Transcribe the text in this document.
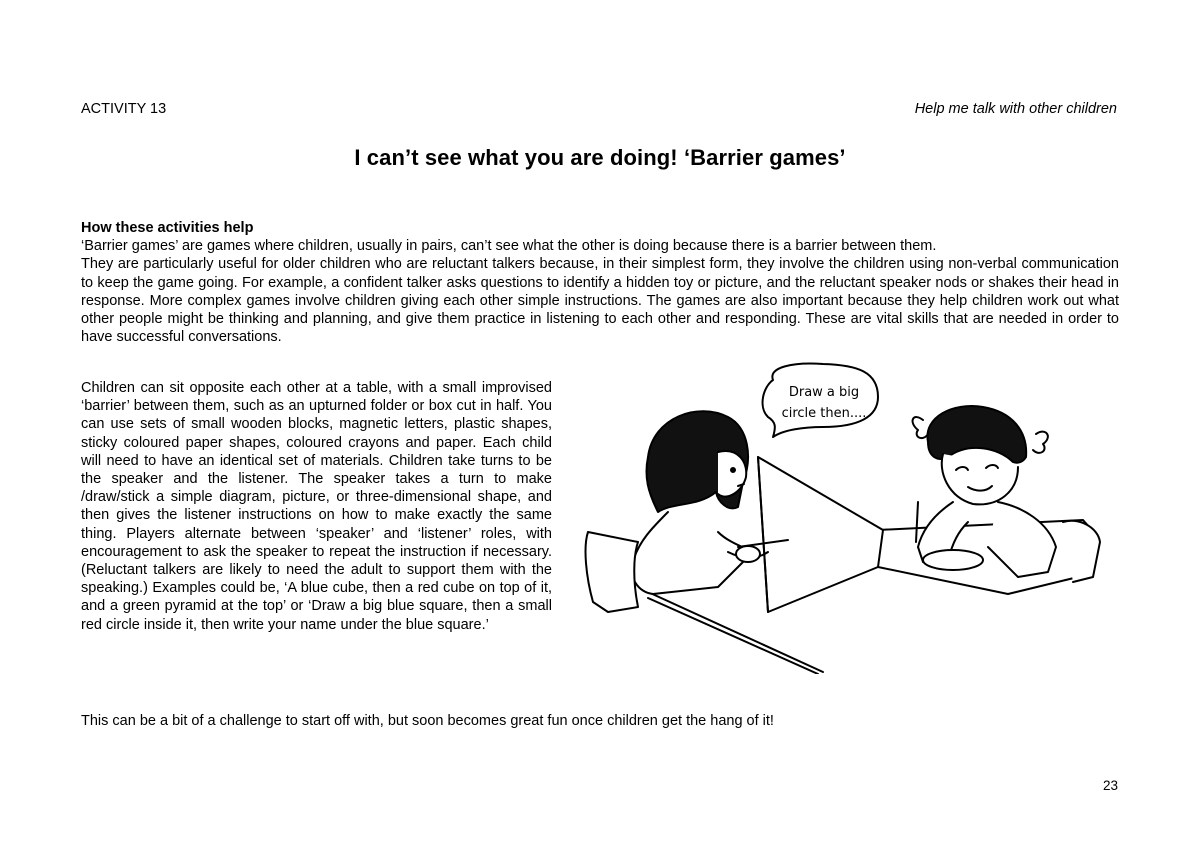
ACTIVITY 13	Help me talk with other children
I can’t see what you are doing! ‘Barrier games’
How these activities help

‘Barrier games’ are games where children, usually in pairs, can’t see what the other is doing because there is a barrier between them.

They are particularly useful for older children who are reluctant talkers because, in their simplest form, they involve the children using non-verbal communication to keep the game going. For example, a confident talker asks questions to identify a hidden toy or picture, and the reluctant speaker nods or shakes their head in response. More complex games involve children giving each other simple instructions. The games are also important because they help children work out what other people might be thinking and planning, and give them practice in listening to each other and responding. These are vital skills that are needed in order to have successful conversations.

Children can sit opposite each other at a table, with a small improvised ‘barrier’ between them, such as an upturned folder or box cut in half. You can use sets of small wooden blocks, magnetic letters, plastic shapes, sticky coloured paper shapes, coloured crayons and paper. Each child will need to have an identical set of materials. Children take turns to be the speaker and the listener. The speaker takes a turn to make /draw/stick a simple diagram, picture, or three-dimensional shape, and then gives the listener instructions on how to make exactly the same thing. Players alternate between ‘speaker’ and ‘listener’ roles, with encouragement to ask the speaker to repeat the instruction if necessary. (Reluctant talkers are likely to need the adult to support them with the speaking.) Examples could be, ‘A blue cube, then a red cube on top of it, and a green pyramid at the top’ or ‘Draw a big blue square, then a small red circle inside it, then write your name under the blue square.’

Draw a big
circle then....
This can be a bit of a challenge to start off with, but soon becomes great fun once children get the hang of it!
23
